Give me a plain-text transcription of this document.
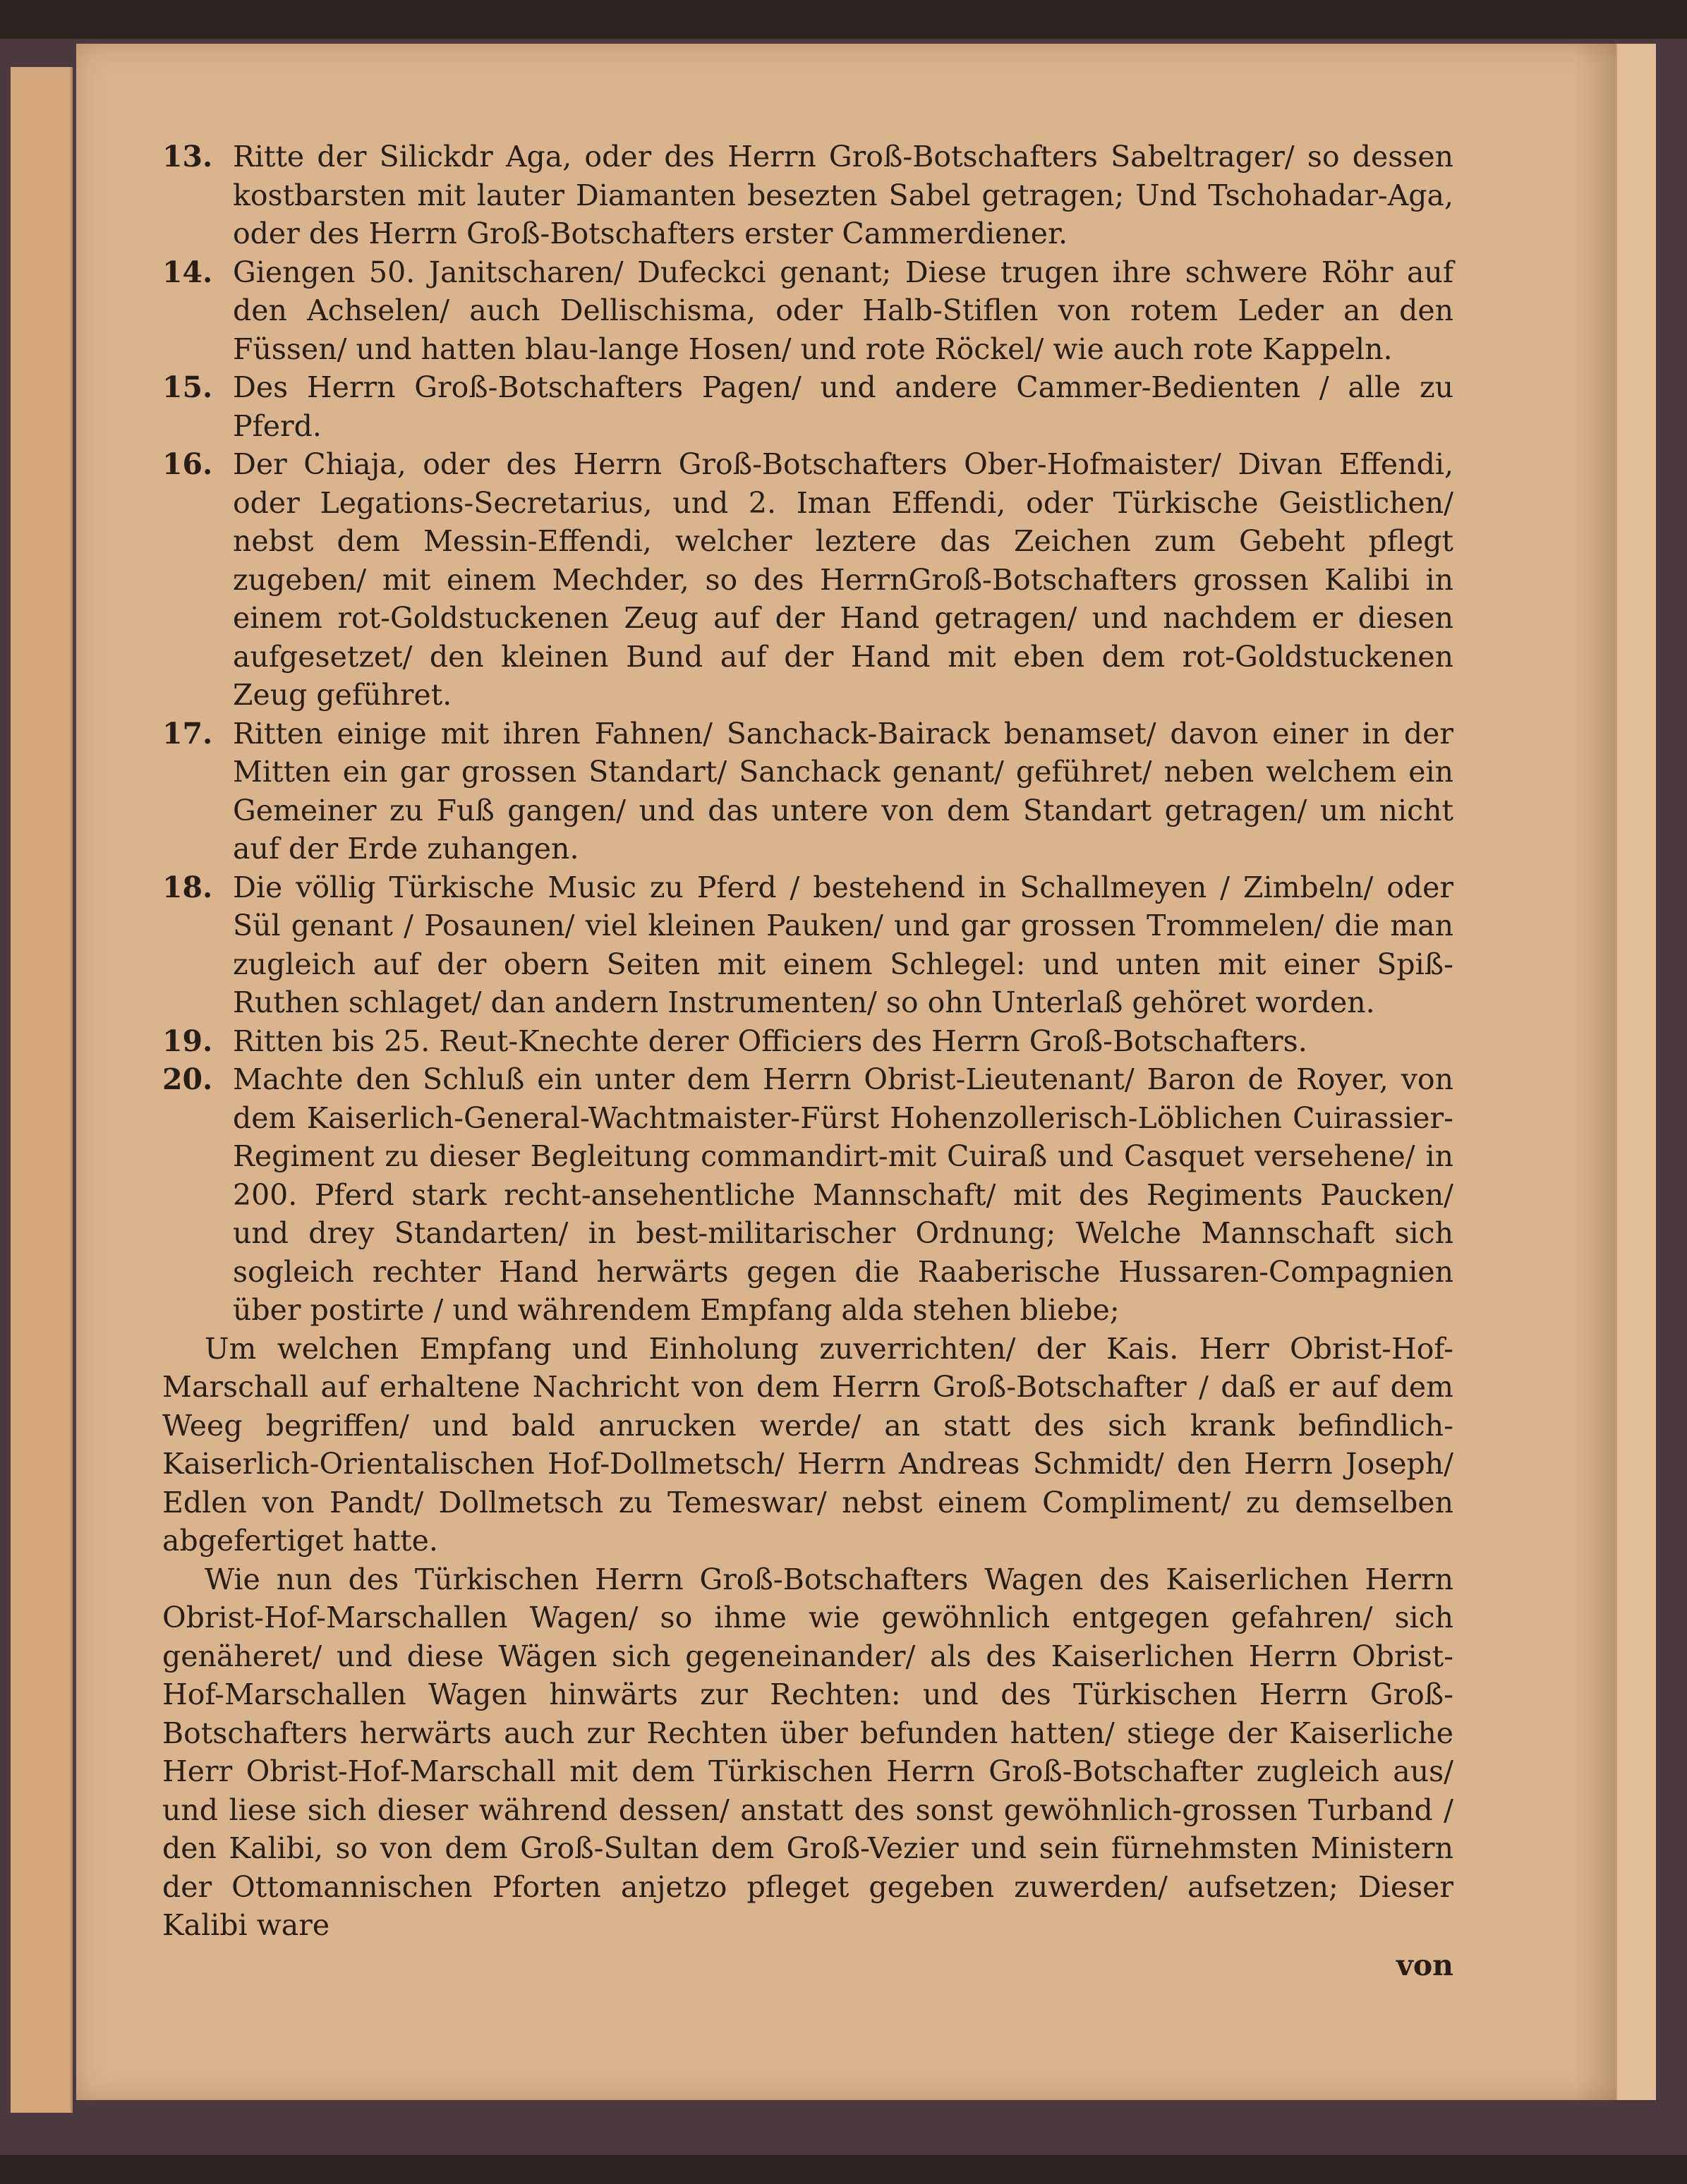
13. Ritte der Silickdr Aga, oder des Herrn Groß-Botschafters Sabeltrager/ so dessen kostbarsten mit lauter Diamanten besezten Sabel getragen; Und Tschohadar-Aga, oder des Herrn Groß-Botschafters erster Cammerdiener.

14. Giengen 50. Janitscharen/ Dufeckci genant; Diese trugen ihre schwere Röhr auf den Achselen/ auch Dellischisma, oder Halb-Stiflen von rotem Leder an den Füssen/ und hatten blau-lange Hosen/ und rote Röckel/ wie auch rote Kappeln.

15. Des Herrn Groß-Botschafters Pagen/ und andere Cammer-Bedienten / alle zu Pferd.

16. Der Chiaja, oder des Herrn Groß-Botschafters Ober-Hofmaister/ Divan Effendi, oder Legations-Secretarius, und 2. Iman Effendi, oder Türkische Geistlichen/ nebst dem Messin-Effendi, welcher leztere das Zeichen zum Gebeht pflegt zugeben/ mit einem Mechder, so des HerrnGroß-Botschafters grossen Kalibi in einem rot-Goldstuckenen Zeug auf der Hand getragen/ und nachdem er diesen aufgesetzet/ den kleinen Bund auf der Hand mit eben dem rot-Goldstuckenen Zeug geführet.

17. Ritten einige mit ihren Fahnen/ Sanchack-Bairack benamset/ davon einer in der Mitten ein gar grossen Standart/ Sanchack genant/ geführet/ neben welchem ein Gemeiner zu Fuß gangen/ und das untere von dem Standart getragen/ um nicht auf der Erde zuhangen.

18. Die völlig Türkische Music zu Pferd / bestehend in Schallmeyen / Zimbeln/ oder Sül genant / Posaunen/ viel kleinen Pauken/ und gar grossen Trommelen/ die man zugleich auf der obern Seiten mit einem Schlegel: und unten mit einer Spiß-Ruthen schlaget/ dan andern Instrumenten/ so ohn Unterlaß gehöret worden.

19. Ritten bis 25. Reut-Knechte derer Officiers des Herrn Groß-Botschafters.

20. Machte den Schluß ein unter dem Herrn Obrist-Lieutenant/ Baron de Royer, von dem Kaiserlich-General-Wachtmaister-Fürst Hohenzollerisch-Löblichen Cuirassier-Regiment zu dieser Begleitung commandirt-mit Cuiraß und Casquet versehene/ in 200. Pferd stark recht-ansehentliche Mannschaft/ mit des Regiments Paucken/ und drey Standarten/ in best-militarischer Ordnung; Welche Mannschaft sich sogleich rechter Hand herwärts gegen die Raaberische Hussaren-Compagnien über postirte / und währendem Empfang alda stehen bliebe;

Um welchen Empfang und Einholung zuverrichten/ der Kais. Herr Obrist-Hof-Marschall auf erhaltene Nachricht von dem Herrn Groß-Botschafter / daß er auf dem Weeg begriffen/ und bald anrucken werde/ an statt des sich krank befindlich-Kaiserlich-Orientalischen Hof-Dollmetsch/ Herrn Andreas Schmidt/ den Herrn Joseph/ Edlen von Pandt/ Dollmetsch zu Temeswar/ nebst einem Compliment/ zu demselben abgefertiget hatte.

Wie nun des Türkischen Herrn Groß-Botschafters Wagen des Kaiserlichen Herrn Obrist-Hof-Marschallen Wagen/ so ihme wie gewöhnlich entgegen gefahren/ sich genäheret/ und diese Wägen sich gegeneinander/ als des Kaiserlichen Herrn Obrist-Hof-Marschallen Wagen hinwärts zur Rechten: und des Türkischen Herrn Groß-Botschafters herwärts auch zur Rechten über befunden hatten/ stiege der Kaiserliche Herr Obrist-Hof-Marschall mit dem Türkischen Herrn Groß-Botschafter zugleich aus/ und liese sich dieser während dessen/ anstatt des sonst gewöhnlich-grossen Turband / den Kalibi, so von dem Groß-Sultan dem Groß-Vezier und sein fürnehmsten Ministern der Ottomannischen Pforten anjetzo pfleget gegeben zuwerden/ aufsetzen; Dieser Kalibi ware

von
